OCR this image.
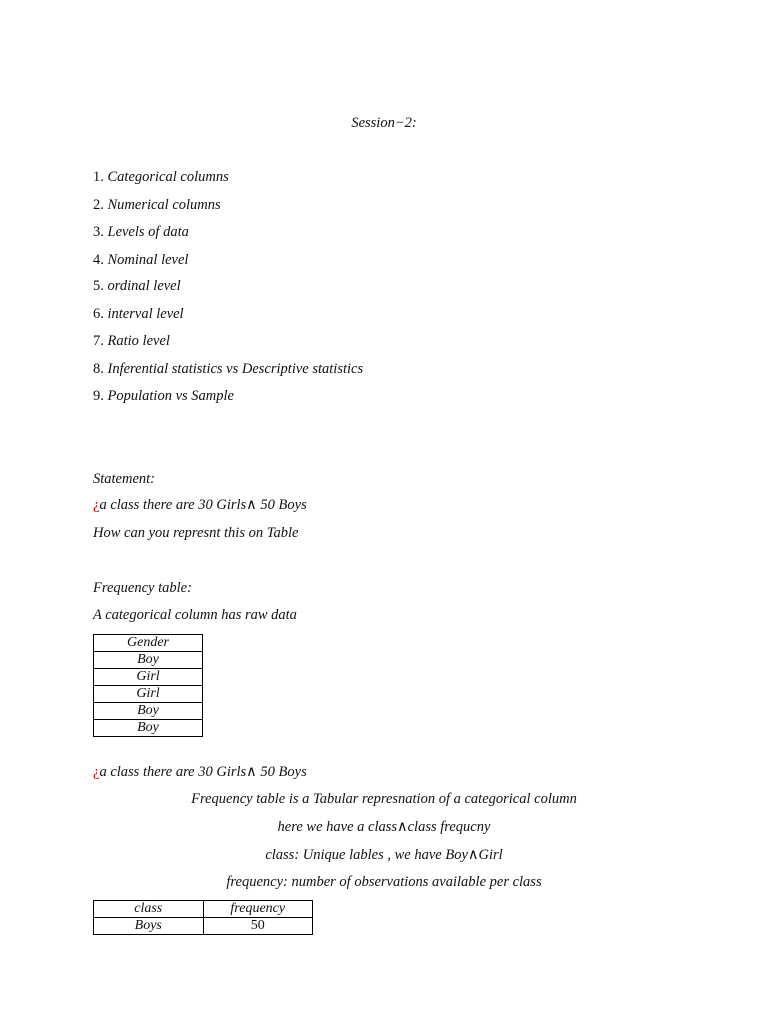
Session−2:
1. Categorical columns
2. Numerical columns
3. Levels of data
4. Nominal level
5. ordinal level
6. interval level
7. Ratio level
8. Inferential statistics vs Descriptive statistics
9. Population vs Sample
Statement:
¿a class there are 30 Girls∧ 50 Boys
How can you represnt this on Table
Frequency table:
A categorical column has raw data
Gender
Boy
Girl
Girl
Boy
Boy
¿a class there are 30 Girls∧ 50 Boys
Frequency table is a Tabular represnation of a categorical column
here we have a class∧class frequcny
class: Unique lables , we have Boy∧Girl
frequency: number of observations available per class
class	frequency
Boys	50
